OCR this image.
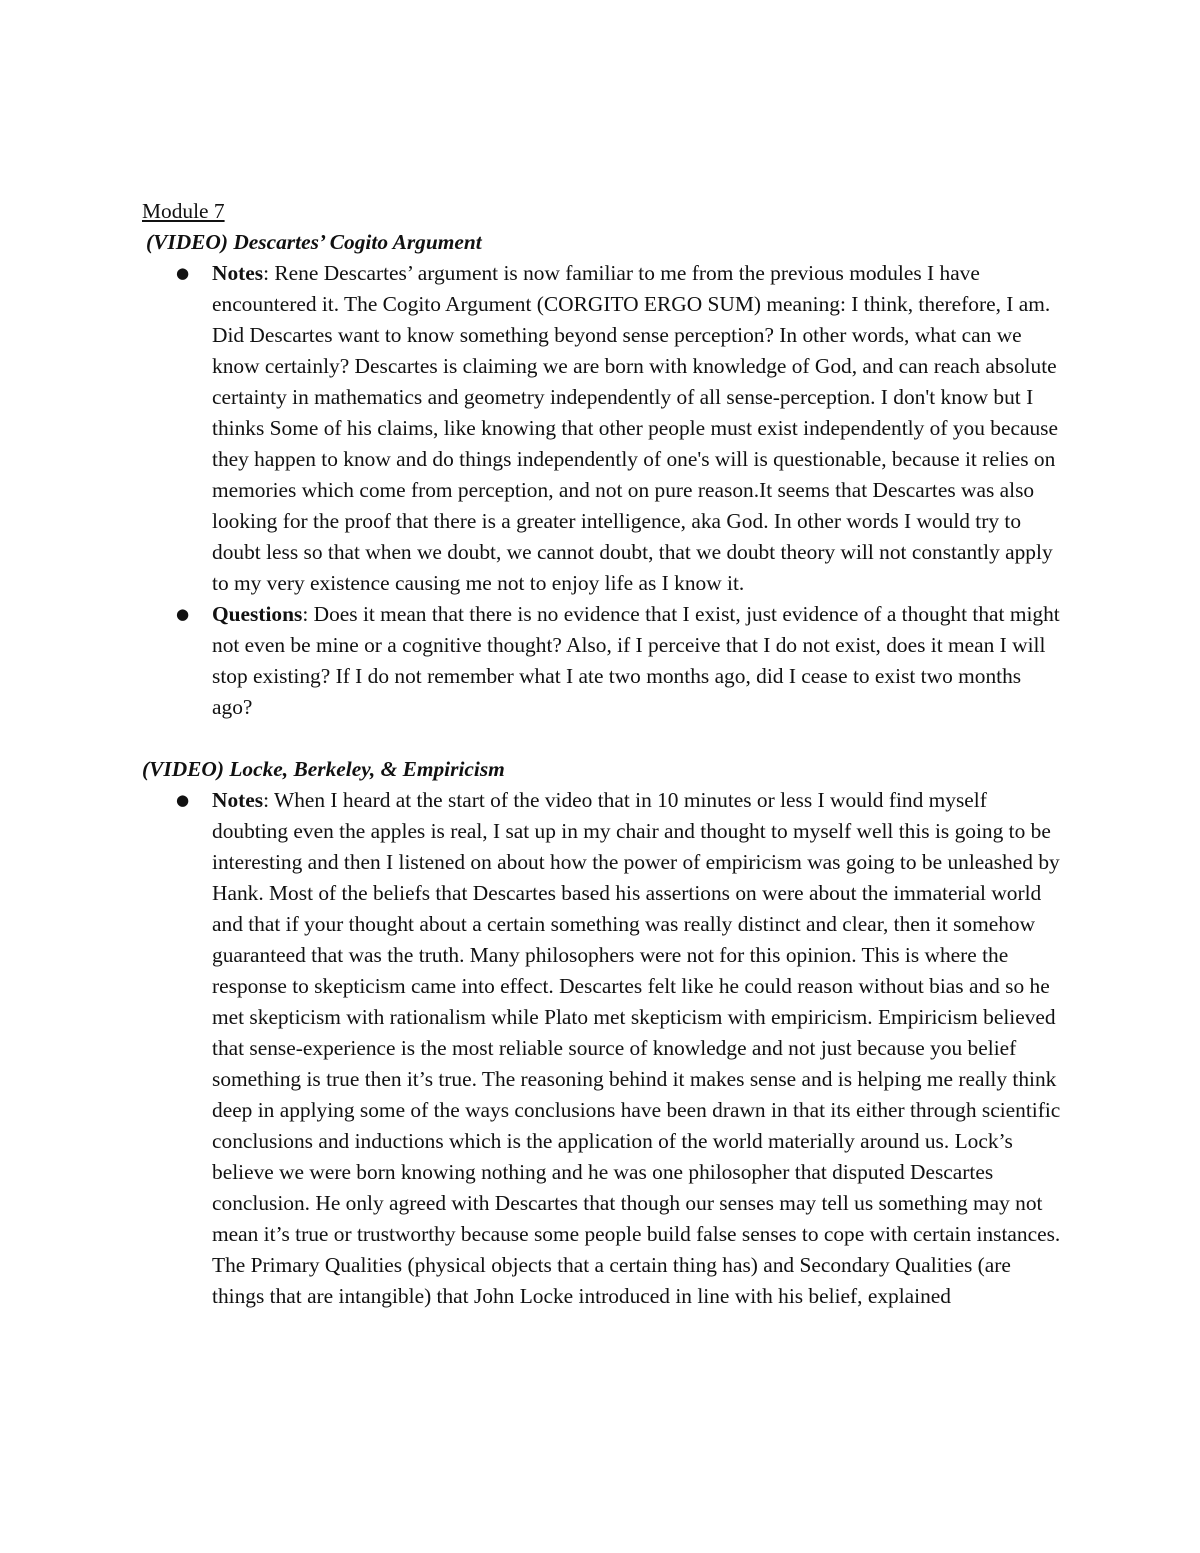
Module 7

(VIDEO) Descartes’ Cogito Argument

● Notes: Rene Descartes’ argument is now familiar to me from the previous modules I have encountered it. The Cogito Argument (CORGITO ERGO SUM) meaning: I think, therefore, I am. Did Descartes want to know something beyond sense perception? In other words, what can we know certainly? Descartes is claiming we are born with knowledge of God, and can reach absolute certainty in mathematics and geometry independently of all sense-perception. I don't know but I thinks Some of his claims, like knowing that other people must exist independently of you because they happen to know and do things independently of one's will is questionable, because it relies on memories which come from perception, and not on pure reason.It seems that Descartes was also looking for the proof that there is a greater intelligence, aka God. In other words I would try to doubt less so that when we doubt, we cannot doubt, that we doubt theory will not constantly apply to my very existence causing me not to enjoy life as I know it.
● Questions: Does it mean that there is no evidence that I exist, just evidence of a thought that might not even be mine or a cognitive thought? Also, if I perceive that I do not exist, does it mean I will stop existing? If I do not remember what I ate two months ago, did I cease to exist two months ago?

(VIDEO) Locke, Berkeley, & Empiricism

● Notes: When I heard at the start of the video that in 10 minutes or less I would find myself doubting even the apples is real, I sat up in my chair and thought to myself well this is going to be interesting and then I listened on about how the power of empiricism was going to be unleashed by Hank. Most of the beliefs that Descartes based his assertions on were about the immaterial world and that if your thought about a certain something was really distinct and clear, then it somehow guaranteed that was the truth. Many philosophers were not for this opinion. This is where the response to skepticism came into effect. Descartes felt like he could reason without bias and so he met skepticism with rationalism while Plato met skepticism with empiricism. Empiricism believed that sense-experience is the most reliable source of knowledge and not just because you belief something is true then it’s true. The reasoning behind it makes sense and is helping me really think deep in applying some of the ways conclusions have been drawn in that its either through scientific conclusions and inductions which is the application of the world materially around us. Lock’s believe we were born knowing nothing and he was one philosopher that disputed Descartes conclusion. He only agreed with Descartes that though our senses may tell us something may not mean it’s true or trustworthy because some people build false senses to cope with certain instances. The Primary Qualities (physical objects that a certain thing has) and Secondary Qualities (are things that are intangible) that John Locke introduced in line with his belief, explained
